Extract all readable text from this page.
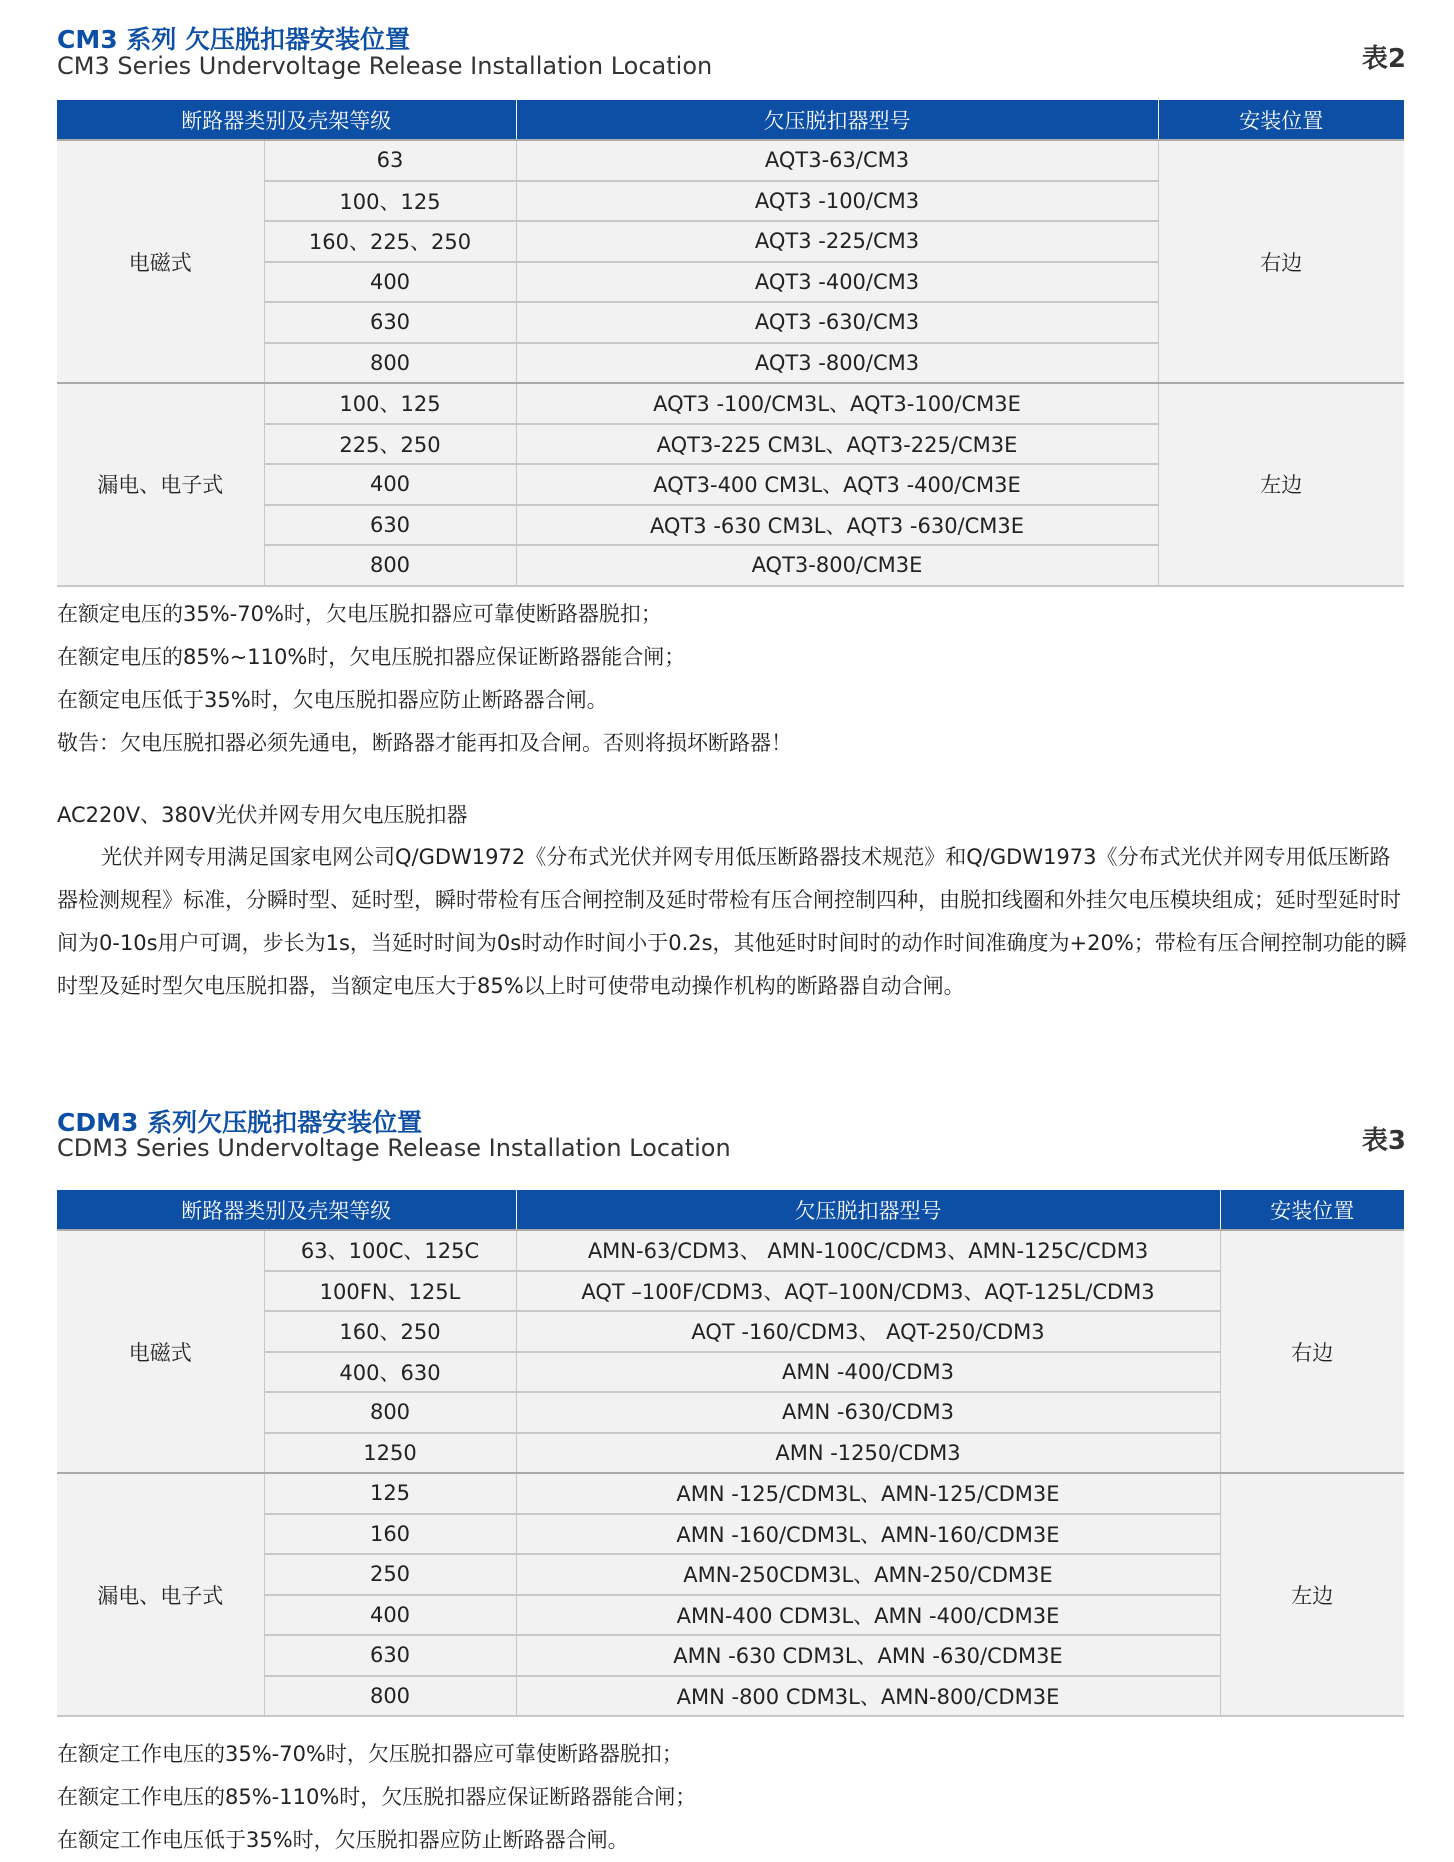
CM3 系列 欠压脱扣器安装位置
CM3 Series Undervoltage Release Installation Location	表2
断路器类别及壳架等级		欠压脱扣器型号	安装位置
电磁式	63	AQT3-63/CM3	右边
	100、125	AQT3 -100/CM3	
	160、225、250	AQT3 -225/CM3	
	400	AQT3 -400/CM3	
	630	AQT3 -630/CM3	
	800	AQT3 -800/CM3	
漏电、电子式	100、125	AQT3 -100/CM3L、AQT3-100/CM3E	左边
	225、250	AQT3-225 CM3L、AQT3-225/CM3E	
	400	AQT3-400 CM3L、AQT3 -400/CM3E	
	630	AQT3 -630 CM3L、AQT3 -630/CM3E	
	800	AQT3-800/CM3E	
在额定电压的35%-70%时，欠电压脱扣器应可靠使断路器脱扣；
在额定电压的85%~110%时，欠电压脱扣器应保证断路器能合闸；
在额定电压低于35%时，欠电压脱扣器应防止断路器合闸。
敬告：欠电压脱扣器必须先通电，断路器才能再扣及合闸。否则将损坏断路器！
AC220V、380V光伏并网专用欠电压脱扣器
光伏并网专用满足国家电网公司Q/GDW1972《分布式光伏并网专用低压断路器技术规范》和Q/GDW1973《分布式光伏并网专用低压断路器检测规程》标准，分瞬时型、延时型，瞬时带检有压合闸控制及延时带检有压合闸控制四种，由脱扣线圈和外挂欠电压模块组成；延时型延时时间为0-10s用户可调，步长为1s，当延时时间为0s时动作时间小于0.2s，其他延时时间时的动作时间准确度为+20%；带检有压合闸控制功能的瞬时型及延时型欠电压脱扣器，当额定电压大于85%以上时可使带电动操作机构的断路器自动合闸。
CDM3 系列欠压脱扣器安装位置
CDM3 Series Undervoltage Release Installation Location	表3
断路器类别及壳架等级		欠压脱扣器型号	安装位置
电磁式	63、100C、125C	AMN-63/CDM3、 AMN-100C/CDM3、AMN-125C/CDM3	右边
	100FN、125L	AQT –100F/CDM3、AQT–100N/CDM3、AQT-125L/CDM3	
	160、250	AQT -160/CDM3、 AQT-250/CDM3	
	400、630	AMN -400/CDM3	
	800	AMN -630/CDM3	
	1250	AMN -1250/CDM3	
漏电、电子式	125	AMN -125/CDM3L、AMN-125/CDM3E	左边
	160	AMN -160/CDM3L、AMN-160/CDM3E	
	250	AMN-250CDM3L、AMN-250/CDM3E	
	400	AMN-400 CDM3L、AMN -400/CDM3E	
	630	AMN -630 CDM3L、AMN -630/CDM3E	
	800	AMN -800 CDM3L、AMN-800/CDM3E	
在额定工作电压的35%-70%时，欠压脱扣器应可靠使断路器脱扣；
在额定工作电压的85%-110%时，欠压脱扣器应保证断路器能合闸；
在额定工作电压低于35%时，欠压脱扣器应防止断路器合闸。
